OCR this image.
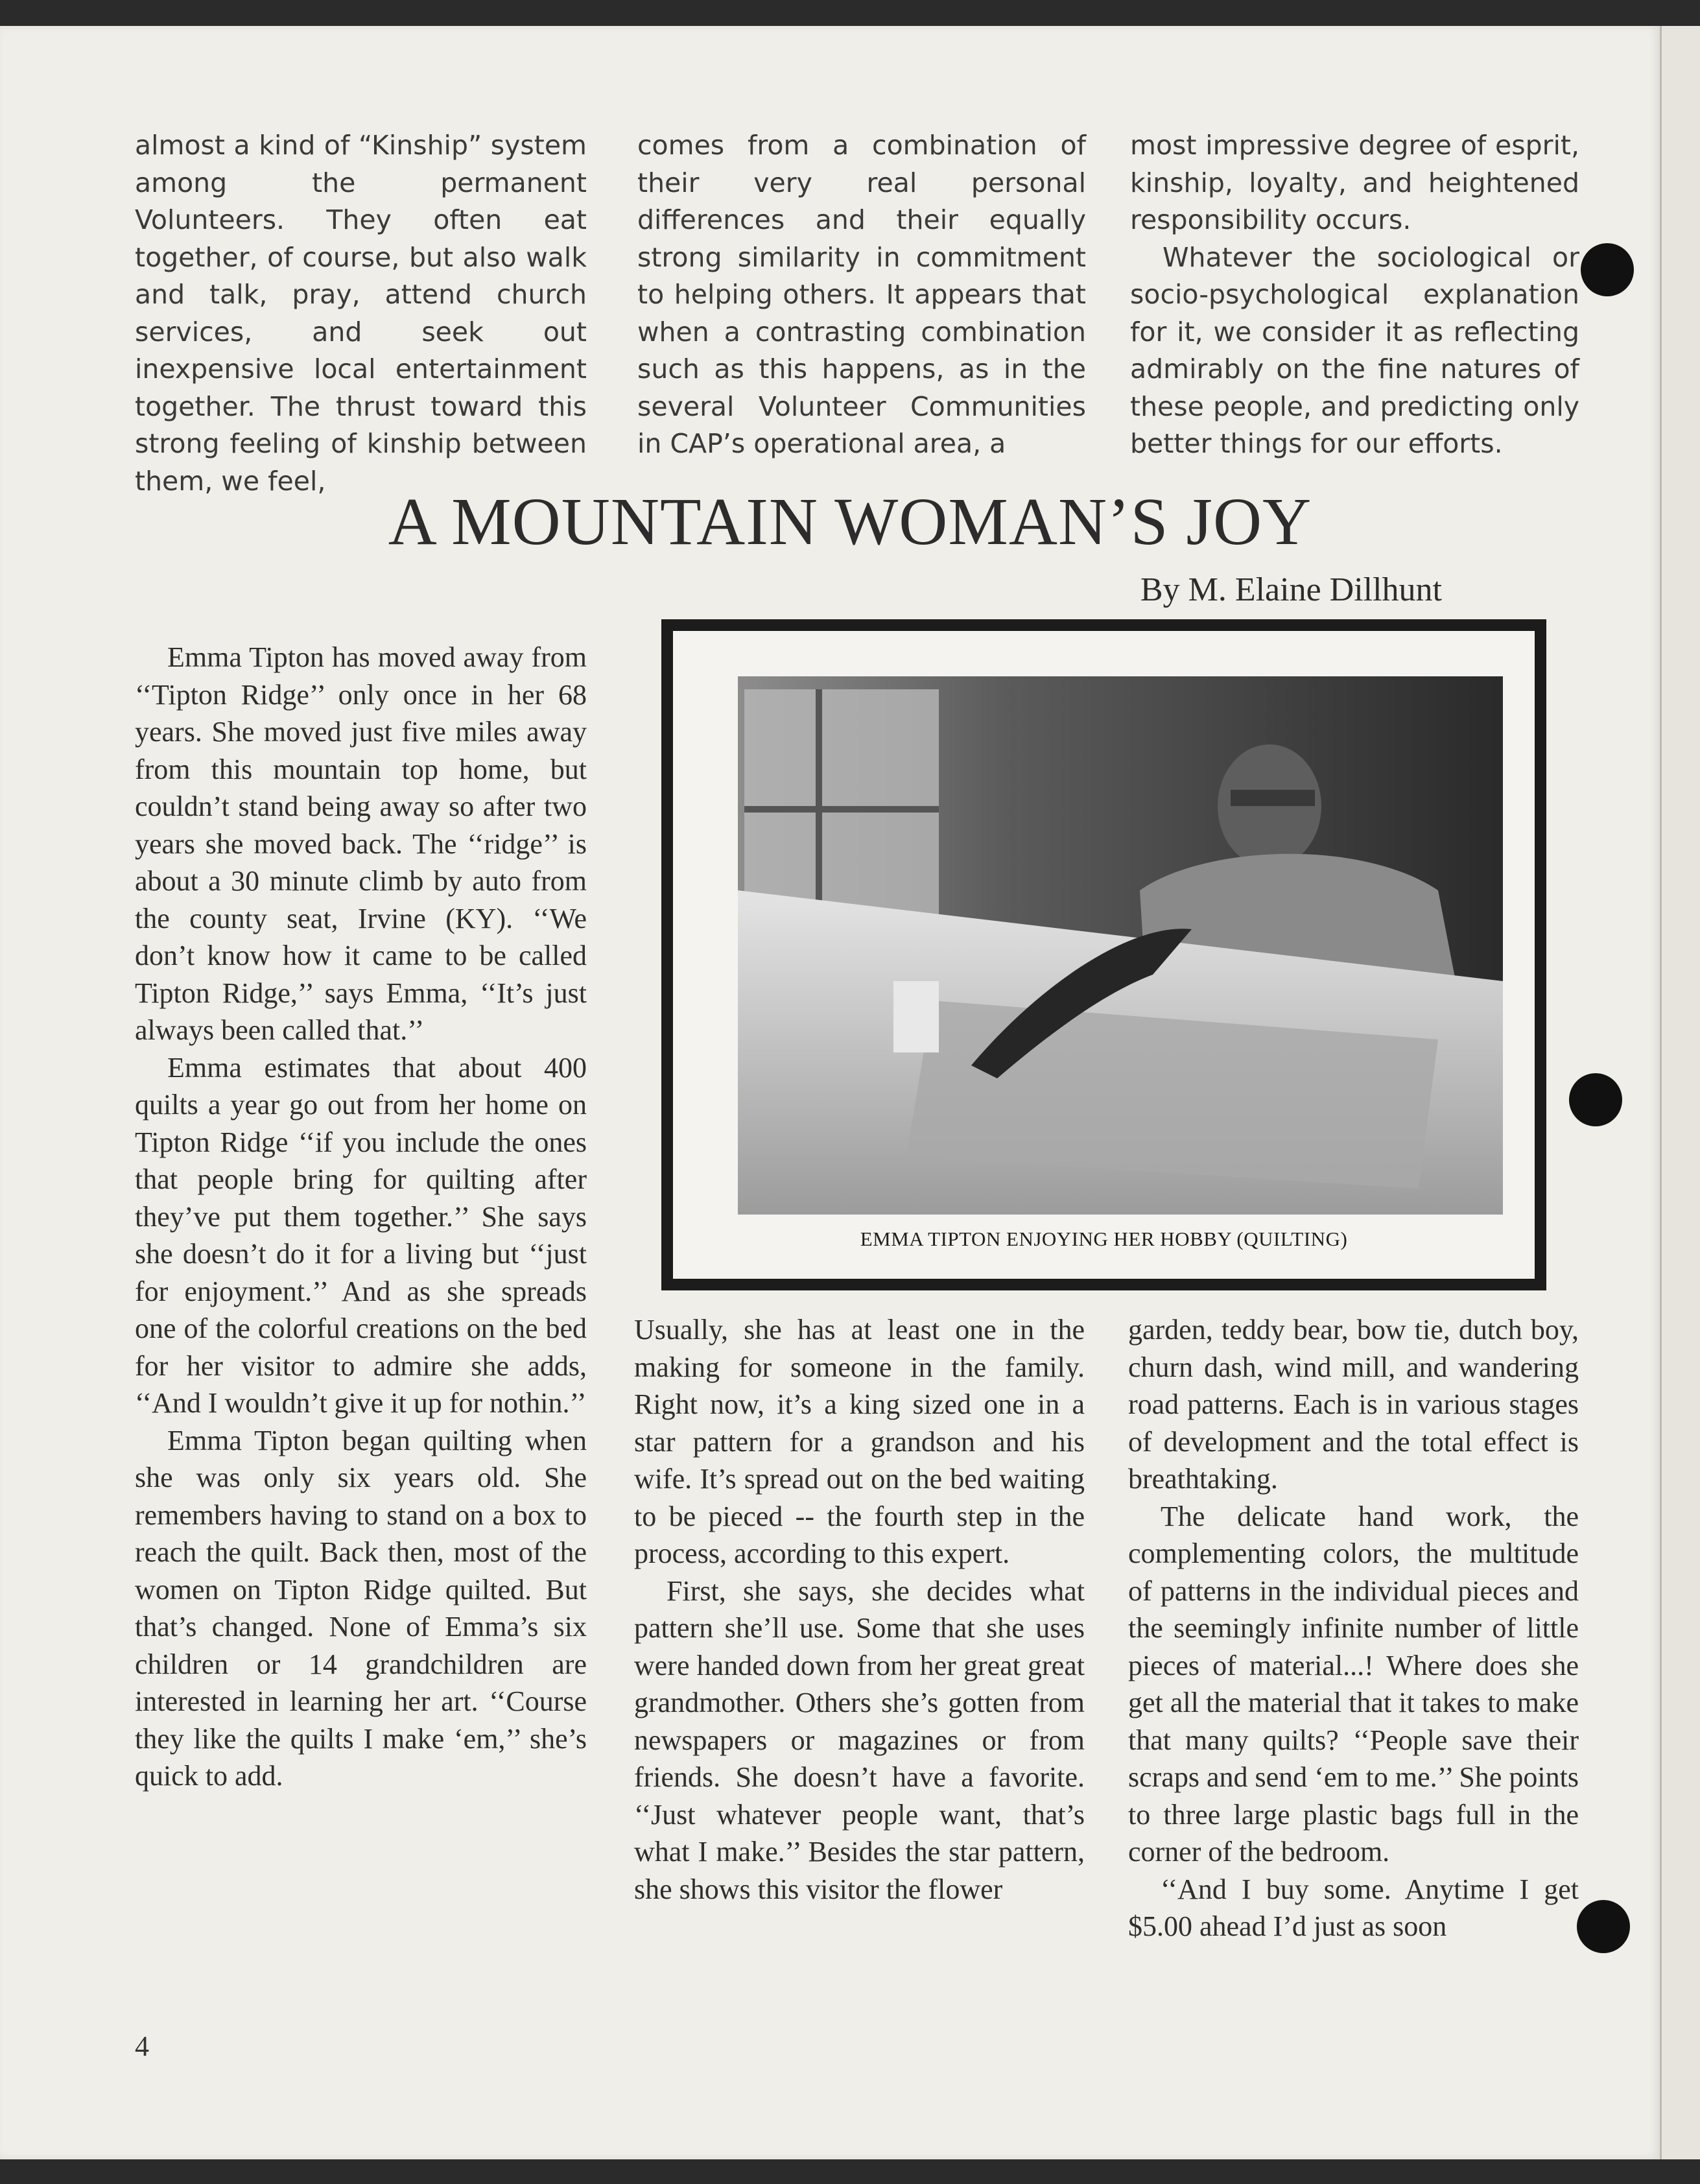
almost a kind of “Kinship” system among the permanent Volunteers. They often eat together, of course, but also walk and talk, pray, attend church services, and seek out inexpensive local entertainment together. The thrust toward this strong feeling of kinship between them, we feel,

comes from a combination of their very real personal differences and their equally strong similarity in commitment to helping others. It appears that when a contrasting combination such as this happens, as in the several Volunteer Communities in CAP’s operational area, a

most impressive degree of esprit, kinship, loyalty, and heightened responsibility occurs.

Whatever the sociological or socio-psychological explanation for it, we consider it as reflecting admirably on the fine natures of these people, and predicting only better things for our efforts.

A MOUNTAIN WOMAN’S JOY
By M. Elaine Dillhunt
EMMA TIPTON ENJOYING HER HOBBY (QUILTING)

Emma Tipton has moved away from ‘‘Tipton Ridge’’ only once in her 68 years. She moved just five miles away from this mountain top home, but couldn’t stand being away so after two years she moved back. The ‘‘ridge’’ is about a 30 minute climb by auto from the county seat, Irvine (KY). ‘‘We don’t know how it came to be called Tipton Ridge,’’ says Emma, ‘‘It’s just always been called that.’’

Emma estimates that about 400 quilts a year go out from her home on Tipton Ridge ‘‘if you include the ones that people bring for quilting after they’ve put them together.’’ She says she doesn’t do it for a living but ‘‘just for enjoyment.’’ And as she spreads one of the colorful creations on the bed for her visitor to admire she adds, ‘‘And I wouldn’t give it up for nothin.’’

Emma Tipton began quilting when she was only six years old. She remembers having to stand on a box to reach the quilt. Back then, most of the women on Tipton Ridge quilted. But that’s changed. None of Emma’s six children or 14 grandchildren are interested in learning her art. ‘‘Course they like the quilts I make ‘em,’’ she’s quick to add.

Usually, she has at least one in the making for someone in the family. Right now, it’s a king sized one in a star pattern for a grandson and his wife. It’s spread out on the bed waiting to be pieced -- the fourth step in the process, according to this expert.

First, she says, she decides what pattern she’ll use. Some that she uses were handed down from her great great grandmother. Others she’s gotten from newspapers or magazines or from friends. She doesn’t have a favorite. ‘‘Just whatever people want, that’s what I make.’’ Besides the star pattern, she shows this visitor the flower

garden, teddy bear, bow tie, dutch boy, churn dash, wind mill, and wandering road patterns. Each is in various stages of development and the total effect is breathtaking.

The delicate hand work, the complementing colors, the multitude of patterns in the individual pieces and the seemingly infinite number of little pieces of material...! Where does she get all the material that it takes to make that many quilts? ‘‘People save their scraps and send ‘em to me.’’ She points to three large plastic bags full in the corner of the bedroom.

‘‘And I buy some. Anytime I get $5.00 ahead I’d just as soon

4
